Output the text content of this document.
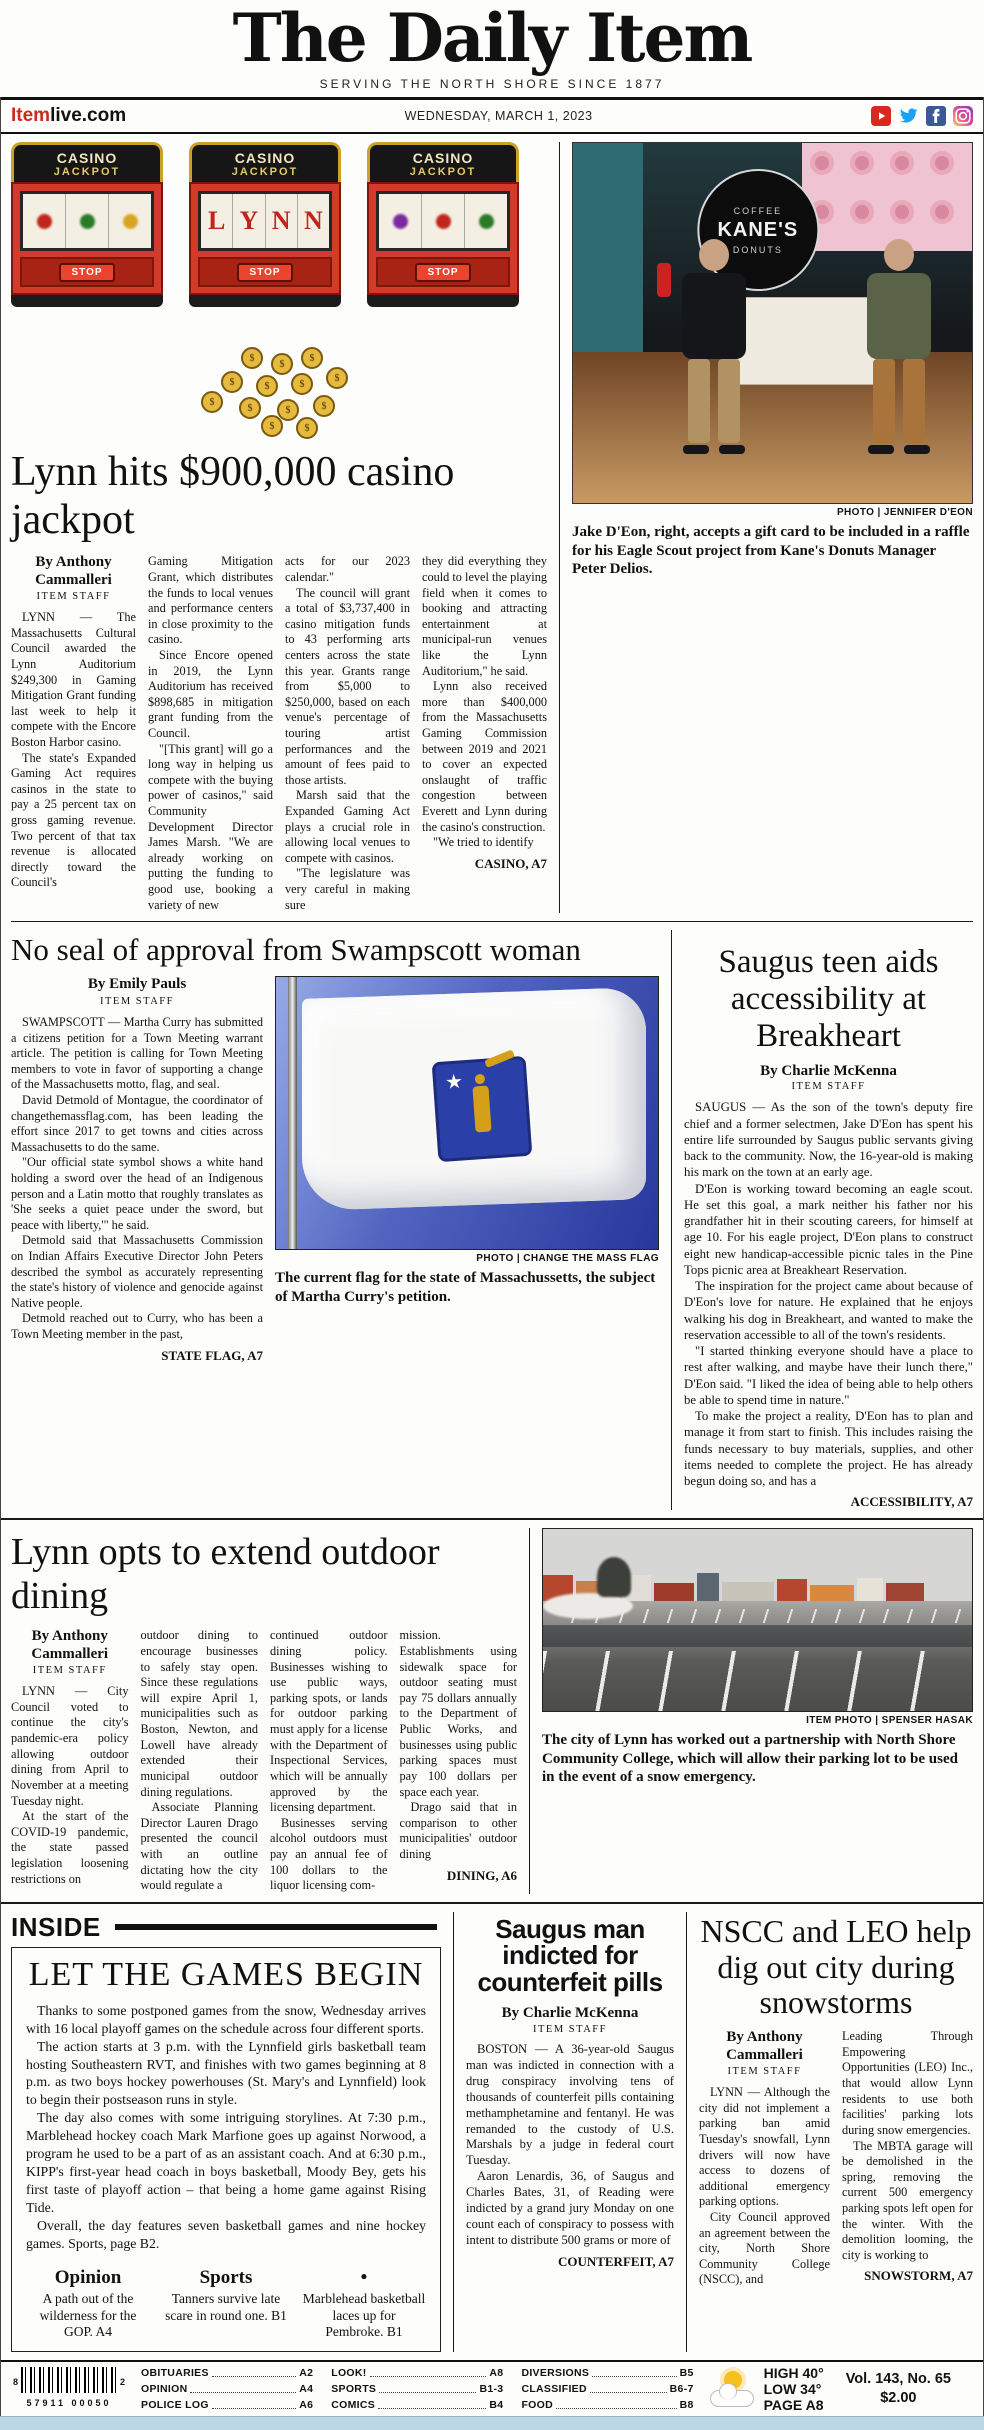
The Daily Item
SERVING THE NORTH SHORE SINCE 1877
Itemlive.com	WEDNESDAY, MARCH 1, 2023
CASINO
JACKPOT
STOP
CASINO
JACKPOT
L Y N N
STOP
CASINO
JACKPOT
STOP
$
$
$
$	$	$
$
$
$	$	$
$	$
Lynn hits $900,000 casino jackpot
By Anthony Cammalleri
ITEM STAFF

LYNN — The Massachusetts Cultural Council awarded the Lynn Auditorium $249,300 in Gaming Mitigation Grant funding last week to help it compete with the Encore Boston Harbor casino.

The state's Expanded Gaming Act requires casinos in the state to pay a 25 percent tax on gross gaming revenue. Two percent of that tax revenue is allocated directly toward the Council's

Gaming Mitigation Grant, which distributes the funds to local venues and performance centers in close proximity to the casino.

Since Encore opened in 2019, the Lynn Auditorium has received $898,685 in mitigation grant funding from the Council.

"[This grant] will go a long way in helping us compete with the buying power of casinos," said Community Development Director James Marsh. "We are already working on putting the funding to good use, booking a variety of new

acts for our 2023 calendar."

The council will grant a total of $3,737,400 in casino mitigation funds to 43 performing arts centers across the state this year. Grants range from $5,000 to $250,000, based on each venue's percentage of touring artist performances and the amount of fees paid to those artists.

Marsh said that the Expanded Gaming Act plays a crucial role in allowing local venues to compete with casinos.

"The legislature was very careful in making sure

they did everything they could to level the playing field when it comes to booking and attracting entertainment at municipal-run venues like the Lynn Auditorium," he said.

Lynn also received more than $400,000 from the Massachusetts Gaming Commission between 2019 and 2021 to cover an expected onslaught of traffic congestion between Everett and Lynn during the casino's construction.

"We tried to identify

CASINO, A7
COFFEE
KANE'S
DONUTS
PHOTO | JENNIFER D'EON
Jake D'Eon, right, accepts a gift card to be included in a raffle for his Eagle Scout project from Kane's Donuts Manager Peter Delios.
No seal of approval from Swampscott woman
By Emily Pauls
ITEM STAFF

SWAMPSCOTT — Martha Curry has submitted a citizens petition for a Town Meeting warrant article. The petition is calling for Town Meeting members to vote in favor of supporting a change of the Massachusetts motto, flag, and seal.

David Detmold of Montague, the coordinator of changethemassflag.com, has been leading the effort since 2017 to get towns and cities across Massachusetts to do the same.

"Our official state symbol shows a white hand holding a sword over the head of an Indigenous person and a Latin motto that roughly translates as 'She seeks a quiet peace under the sword, but peace with liberty,'" he said.

Detmold said that Massachusetts Commission on Indian Affairs Executive Director John Peters described the symbol as accurately representing the state's history of violence and genocide against Native people.

Detmold reached out to Curry, who has been a Town Meeting member in the past,

STATE FLAG, A7
PHOTO | CHANGE THE MASS FLAG
The current flag for the state of Massachussetts, the subject of Martha Curry's petition.
Saugus teen aids accessibility at Breakheart
By Charlie McKenna
ITEM STAFF

SAUGUS — As the son of the town's deputy fire chief and a former selectmen, Jake D'Eon has spent his entire life surrounded by Saugus public servants giving back to the community. Now, the 16-year-old is making his mark on the town at an early age.

D'Eon is working toward becoming an eagle scout. He set this goal, a mark neither his father nor his grandfather hit in their scouting careers, for himself at age 10. For his eagle project, D'Eon plans to construct eight new handicap-accessible picnic tales in the Pine Tops picnic area at Breakheart Reservation.

The inspiration for the project came about because of D'Eon's love for nature. He explained that he enjoys walking his dog in Breakheart, and wanted to make the reservation accessible to all of the town's residents.

"I started thinking everyone should have a place to rest after walking, and maybe have their lunch there," D'Eon said. "I liked the idea of being able to help others be able to spend time in nature."

To make the project a reality, D'Eon has to plan and manage it from start to finish. This includes raising the funds necessary to buy materials, supplies, and other items needed to complete the project. He has already begun doing so, and has a

ACCESSIBILITY, A7
Lynn opts to extend outdoor dining
By Anthony Cammalleri
ITEM STAFF

LYNN — City Council voted to continue the city's pandemic-era policy allowing outdoor dining from April to November at a meeting Tuesday night.

At the start of the COVID-19 pandemic, the state passed legislation loosening restrictions on

outdoor dining to encourage businesses to safely stay open. Since these regulations will expire April 1, municipalities such as Boston, Newton, and Lowell have already extended their municipal outdoor dining regulations.

Associate Planning Director Lauren Drago presented the council with an outline dictating how the city would regulate a

continued outdoor dining policy. Businesses wishing to use public ways, parking spots, or lands for outdoor parking must apply for a license with the Department of Inspectional Services, which will be annually approved by the licensing department.

Businesses serving alcohol outdoors must pay an annual fee of 100 dollars to the liquor licensing com-

mission. Establishments using sidewalk space for outdoor seating must pay 75 dollars annually to the Department of Public Works, and businesses using public parking spaces must pay 100 dollars per space each year.

Drago said that in comparison to other municipalities' outdoor dining

DINING, A6
ITEM PHOTO | SPENSER HASAK
The city of Lynn has worked out a partnership with North Shore Community College, which will allow their parking lot to be used in the event of a snow emergency.
INSIDE
LET THE GAMES BEGIN

Thanks to some postponed games from the snow, Wednesday arrives with 16 local playoff games on the schedule across four different sports.

The action starts at 3 p.m. with the Lynnfield girls basketball team hosting Southeastern RVT, and finishes with two games beginning at 8 p.m. as two boys hockey powerhouses (St. Mary's and Lynnfield) look to begin their postseason runs in style.

The day also comes with some intriguing storylines. At 7:30 p.m., Marblehead hockey coach Mark Marfione goes up against Norwood, a program he used to be a part of as an assistant coach. And at 6:30 p.m., KIPP's first-year head coach in boys basketball, Moody Bey, gets his first taste of playoff action – that being a home game against Rising Tide.

Overall, the day features seven basketball games and nine hockey games. Sports, page B2.

Opinion
A path out of the wilderness for the GOP. A4
Sports
Tanners survive late scare in round one. B1
•
Marblehead basketball laces up for Pembroke. B1
Saugus man indicted for counterfeit pills
By Charlie McKenna
ITEM STAFF

BOSTON — A 36-year-old Saugus man was indicted in connection with a drug conspiracy involving tens of thousands of counterfeit pills containing methamphetamine and fentanyl. He was remanded to the custody of U.S. Marshals by a judge in federal court Tuesday.

Aaron Lenardis, 36, of Saugus and Charles Bates, 31, of Reading were indicted by a grand jury Monday on one count each of conspiracy to possess with intent to distribute 500 grams or more of

COUNTERFEIT, A7
NSCC and LEO help dig out city during snowstorms
By Anthony Cammalleri
ITEM STAFF

LYNN — Although the city did not implement a parking ban amid Tuesday's snowfall, Lynn drivers will now have access to dozens of additional emergency parking options.

City Council approved an agreement between the city, North Shore Community College (NSCC), and

Leading Through Empowering Opportunities (LEO) Inc., that would allow Lynn residents to use both facilities' parking lots during snow emergencies.

The MBTA garage will be demolished in the spring, removing the current 500 emergency parking spots left open for the winter. With the demolition looming, the city is working to

SNOWSTORM, A7
8
57911 00050
2
OBITUARIES	A2
OPINION	A4
POLICE LOG	A6
LOOK!	A8
SPORTS	B1-3
COMICS	B4
DIVERSIONS	B5
CLASSIFIED	B6-7
FOOD	B8
HIGH 40°
LOW 34°
PAGE A8
Vol. 143, No. 65
$2.00
